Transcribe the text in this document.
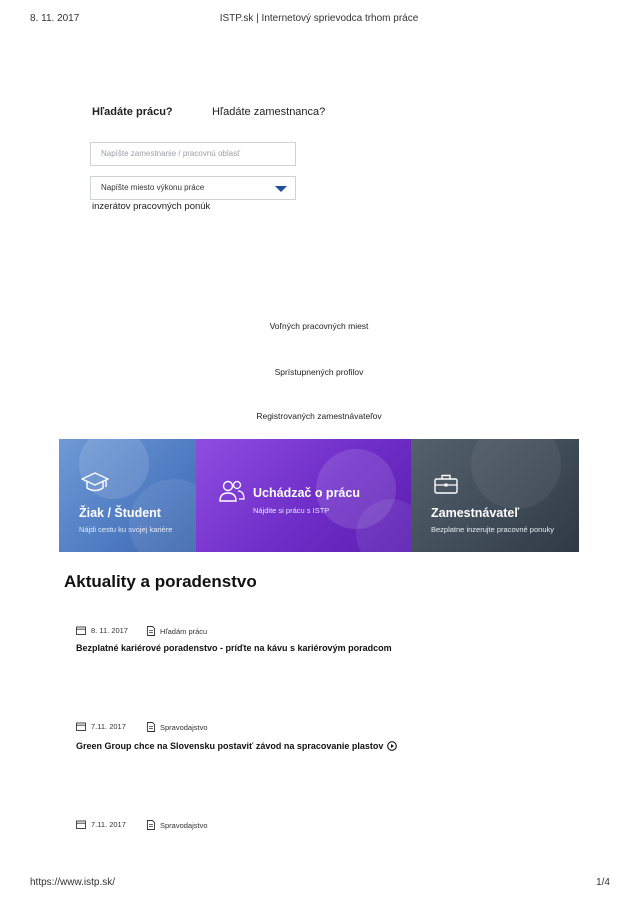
8. 11. 2017	ISTP.sk | Internetový sprievodca trhom práce
Hľadáte prácu?	Hľadáte zamestnanca?
Napíšte zamestnanie / pracovnú oblasť
Napíšte miesto výkonu práce
inzerátov pracovných ponúk
Voľných pracovných miest
Sprístupnených profilov
Registrovaných zamestnávateľov
Žiak / Študent
Nájdi cestu ku svojej kariére
Uchádzač o prácu
Nájdite si prácu s ISTP	Zamestnávateľ
Bezplatne inzerujte pracovné ponuky
Aktuality a poradenstvo
8. 11. 2017	Hľadám prácu
Bezplatné kariérové poradenstvo - príďte na kávu s kariérovým poradcom
7.11. 2017	Spravodajstvo
Green Group chce na Slovensku postaviť závod na spracovanie plastov
7.11. 2017	Spravodajstvo
https://www.istp.sk/	1/4
